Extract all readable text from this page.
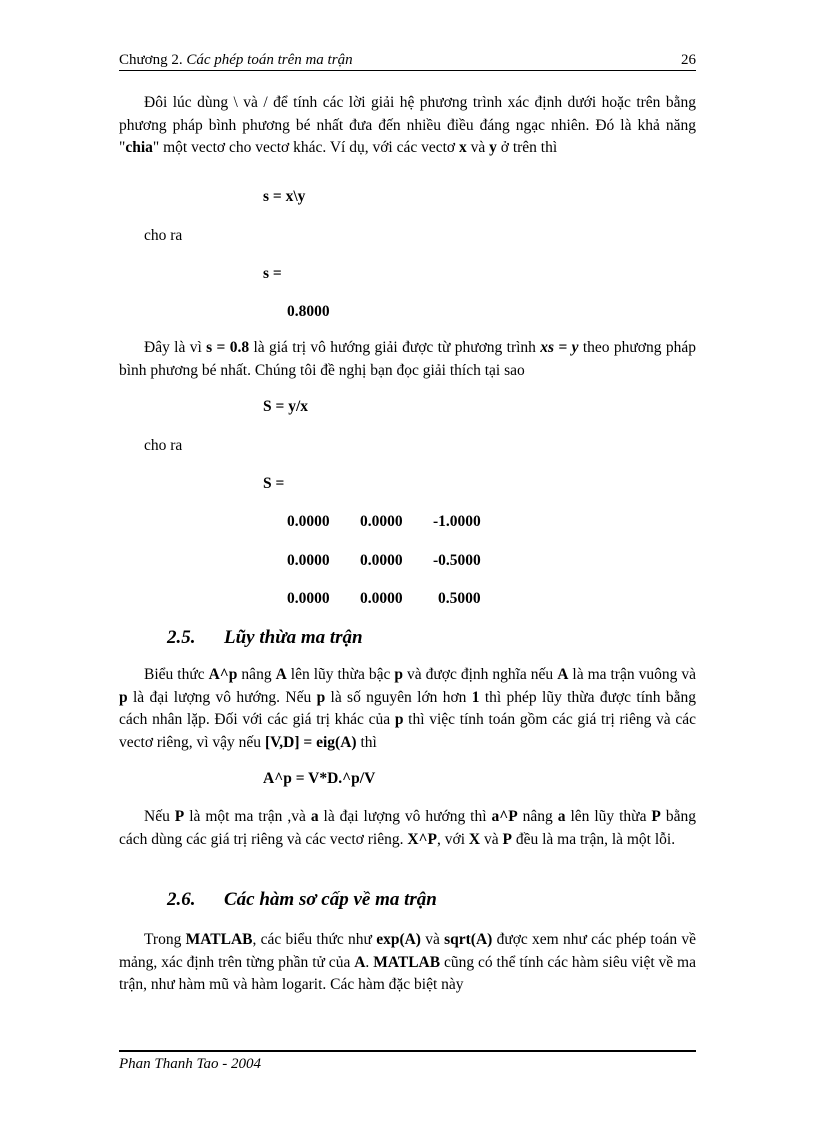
Chương 2. Các phép toán trên ma trận	26

Đôi lúc dùng \ và / để tính các lời giải hệ phương trình xác định dưới hoặc trên bằng phương pháp bình phương bé nhất đưa đến nhiều điều đáng ngạc nhiên. Đó là khả năng "chia" một vectơ cho vectơ khác. Ví dụ, với các vectơ x và y ở trên thì

s = x\y
cho ra
s =
0.8000

Đây là vì s = 0.8 là giá trị vô hướng giải được từ phương trình xs = y theo phương pháp bình phương bé nhất. Chúng tôi đề nghị bạn đọc giải thích tại sao

S = y/x
cho ra
S =
0.0000 0.0000 -1.0000
0.0000 0.0000 -0.5000
0.0000 0.0000 0.5000
2.5. Lũy thừa ma trận

Biểu thức A^p nâng A lên lũy thừa bậc p và được định nghĩa nếu A là ma trận vuông và p là đại lượng vô hướng. Nếu p là số nguyên lớn hơn 1 thì phép lũy thừa được tính bằng cách nhân lặp. Đối với các giá trị khác của p thì việc tính toán gồm các giá trị riêng và các vectơ riêng, vì vậy nếu [V,D] = eig(A) thì

A^p = V*D.^p/V

Nếu P là một ma trận ,và a là đại lượng vô hướng thì a^P nâng a lên lũy thừa P bằng cách dùng các giá trị riêng và các vectơ riêng. X^P, với X và P đều là ma trận, là một lỗi.

2.6. Các hàm sơ cấp về ma trận

Trong MATLAB, các biểu thức như exp(A) và sqrt(A) được xem như các phép toán về mảng, xác định trên từng phần tử của A. MATLAB cũng có thể tính các hàm siêu việt về ma trận, như hàm mũ và hàm logarit. Các hàm đặc biệt này

Phan Thanh Tao - 2004
